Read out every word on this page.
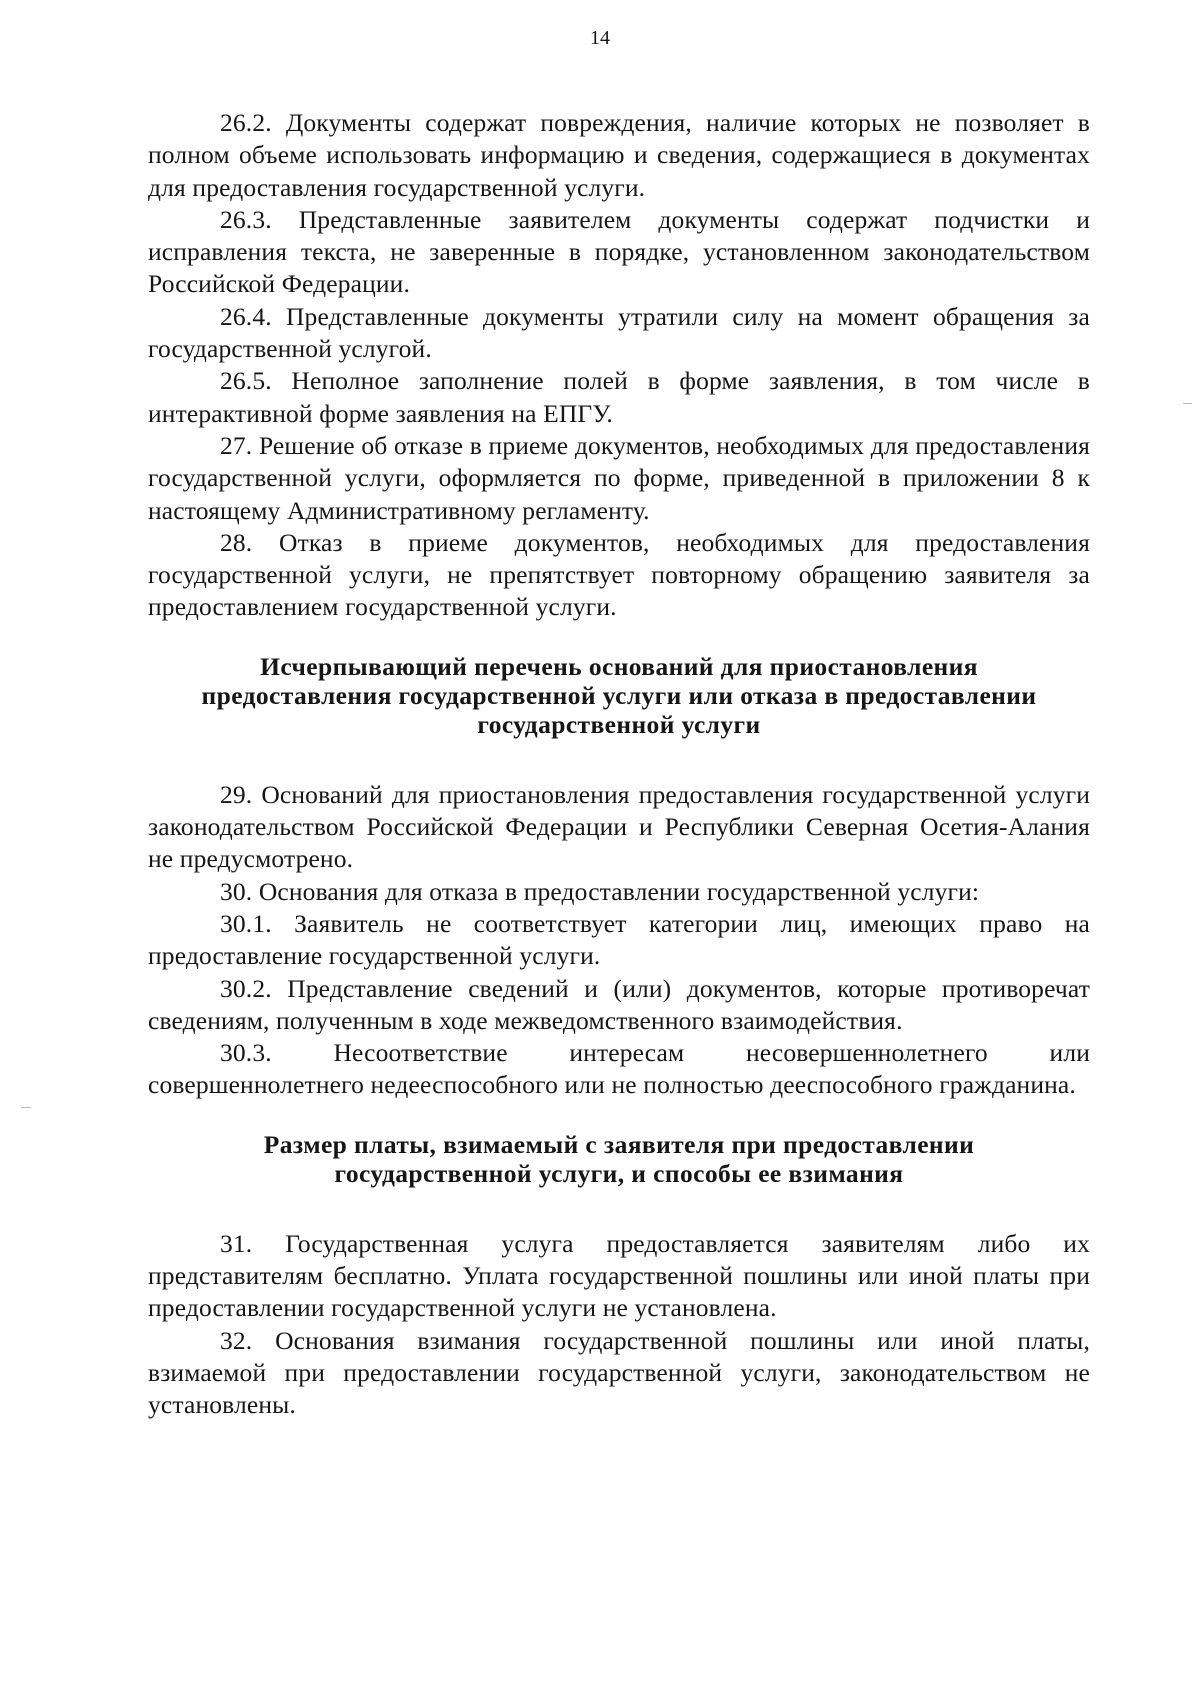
14

26.2. Документы содержат повреждения, наличие которых не позволяет в полном объеме использовать информацию и сведения, содержащиеся в документах для предоставления государственной услуги.

26.3. Представленные заявителем документы содержат подчистки и исправления текста, не заверенные в порядке, установленном законодательством Российской Федерации.

26.4. Представленные документы утратили силу на момент обращения за государственной услугой.

26.5. Неполное заполнение полей в форме заявления, в том числе в интерактивной форме заявления на ЕПГУ.

27. Решение об отказе в приеме документов, необходимых для предоставления государственной услуги, оформляется по форме, приведенной в приложении 8 к настоящему Административному регламенту.

28. Отказ в приеме документов, необходимых для предоставления государственной услуги, не препятствует повторному обращению заявителя за предоставлением государственной услуги.

Исчерпывающий перечень оснований для приостановления
предоставления государственной услуги или отказа в предоставлении
государственной услуги

29. Оснований для приостановления предоставления государственной услуги законодательством Российской Федерации и Республики Северная Осетия-Алания не предусмотрено.

30. Основания для отказа в предоставлении государственной услуги:

30.1. Заявитель не соответствует категории лиц, имеющих право на предоставление государственной услуги.

30.2. Представление сведений и (или) документов, которые противоречат сведениям, полученным в ходе межведомственного взаимодействия.

30.3. Несоответствие интересам несовершеннолетнего или совершеннолетнего недееспособного или не полностью дееспособного гражданина.

Размер платы, взимаемый с заявителя при предоставлении
государственной услуги, и способы ее взимания

31. Государственная услуга предоставляется заявителям либо их представителям бесплатно. Уплата государственной пошлины или иной платы при предоставлении государственной услуги не установлена.

32. Основания взимания государственной пошлины или иной платы, взимаемой при предоставлении государственной услуги, законодательством не установлены.
